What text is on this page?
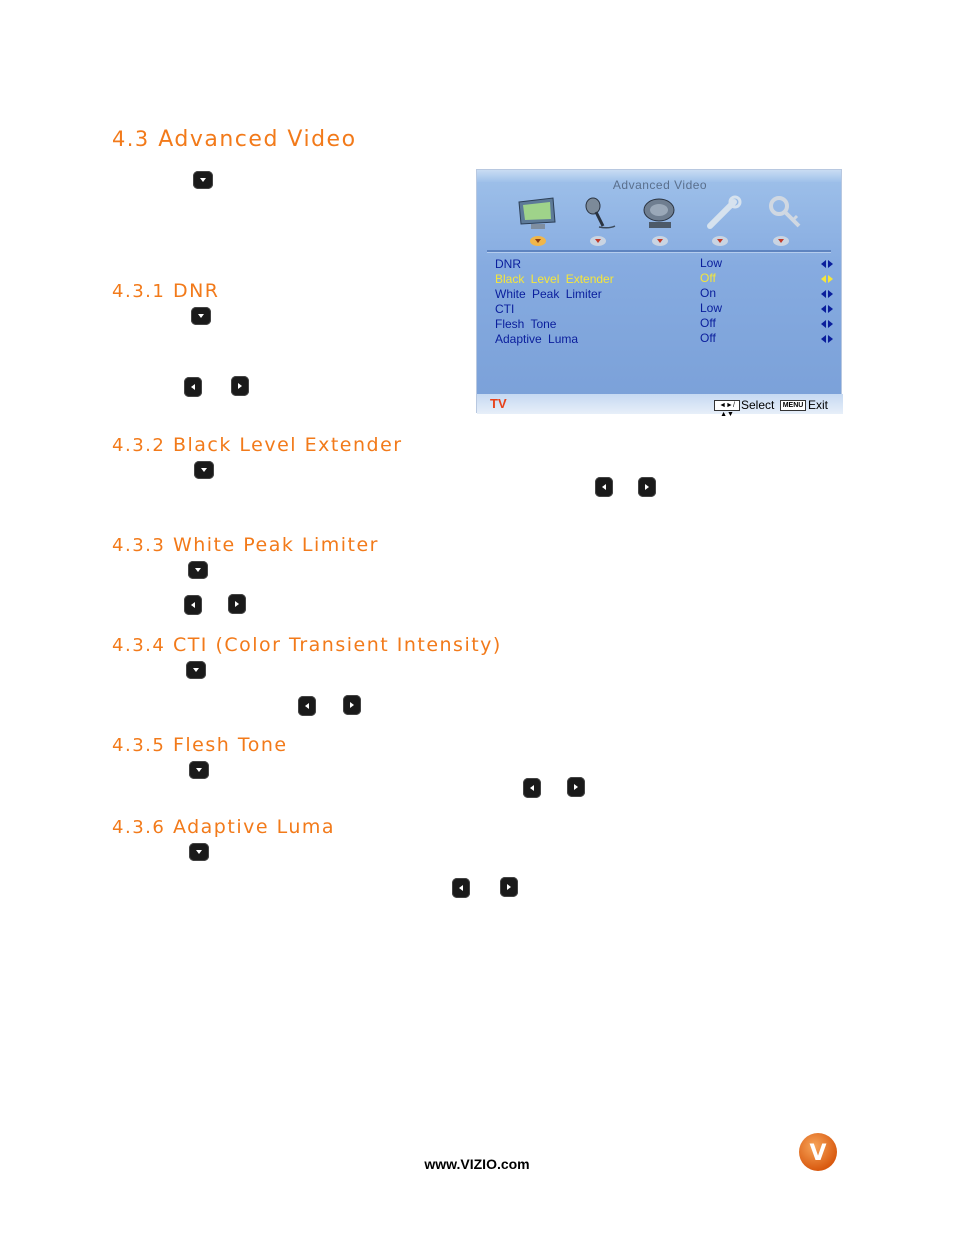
4.3 Advanced Video
4.3.1 DNR
4.3.2 Black Level Extender
4.3.3 White Peak Limiter
4.3.4 CTI (Color Transient Intensity)
4.3.5 Flesh Tone
4.3.6 Adaptive Luma
Advanced Video
DNR	Low
Black Level Extender	Off
White Peak Limiter	On
CTI	Low
Flesh Tone	Off
Adaptive Luma	Off
TV	◄►/▲▼
Select	MENU Exit
www.VIZIO.com	V
